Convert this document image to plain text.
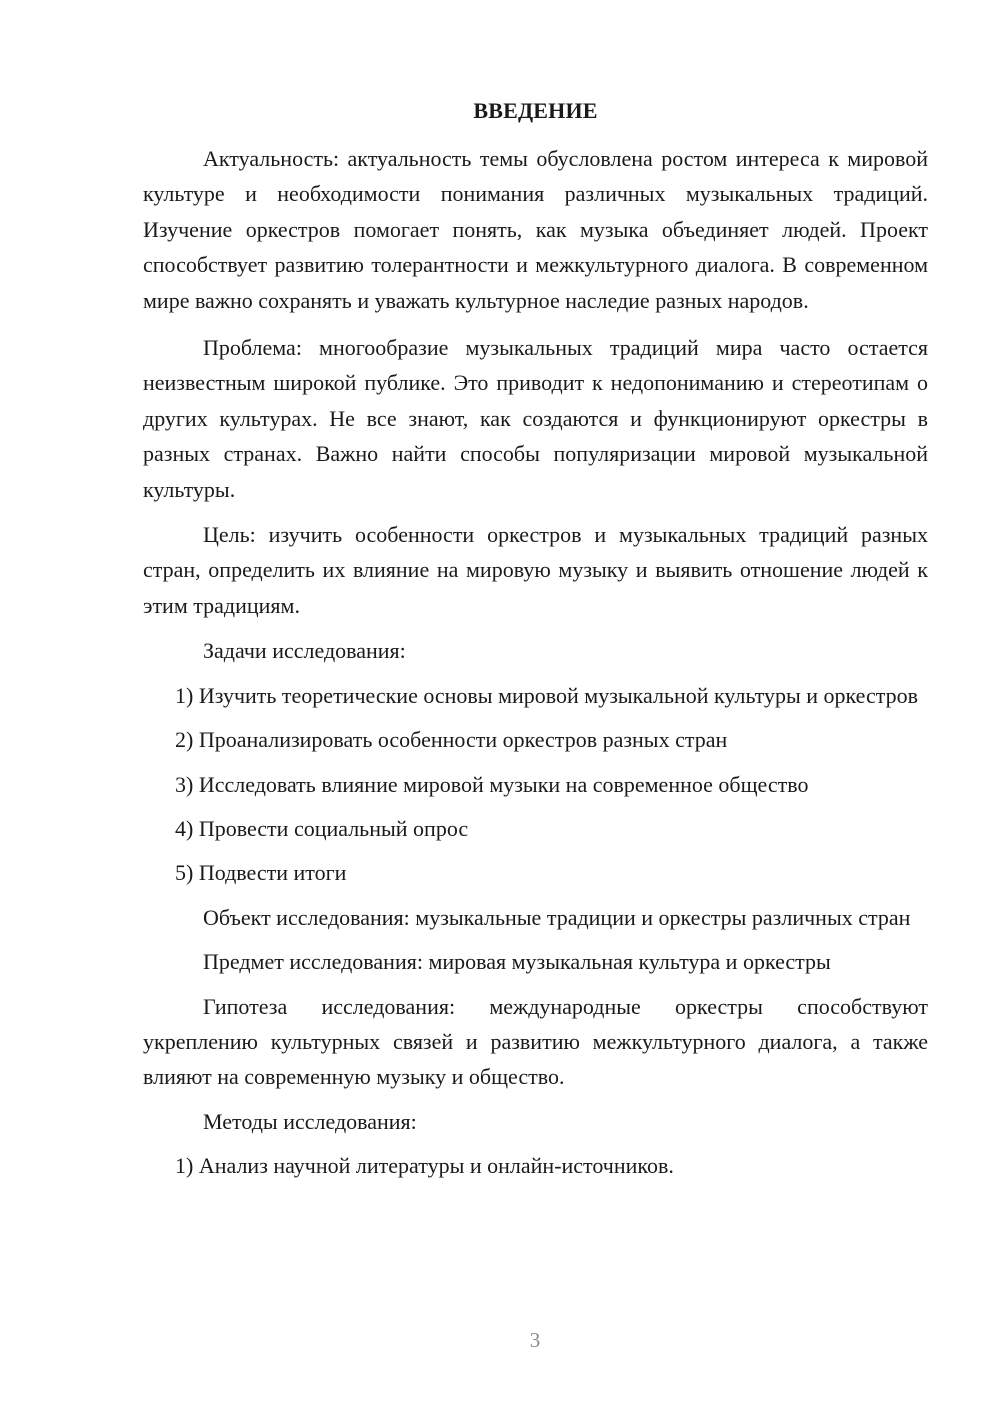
ВВЕДЕНИЕ

Актуальность: актуальность темы обусловлена ростом интереса к мировой культуре и необходимости понимания различных музыкальных традиций. Изучение оркестров помогает понять, как музыка объединяет людей. Проект способствует развитию толерантности и межкультурного диалога. В современном мире важно сохранять и уважать культурное наследие разных народов.

Проблема: многообразие музыкальных традиций мира часто остается неизвестным широкой публике. Это приводит к недопониманию и стереотипам о других культурах. Не все знают, как создаются и функционируют оркестры в разных странах. Важно найти способы популяризации мировой музыкальной культуры.

Цель: изучить особенности оркестров и музыкальных традиций разных стран, определить их влияние на мировую музыку и выявить отношение людей к этим традициям.

Задачи исследования:

1) Изучить теоретические основы мировой музыкальной культуры и оркестров

2) Проанализировать особенности оркестров разных стран

3) Исследовать влияние мировой музыки на современное общество

4) Провести социальный опрос

5) Подвести итоги

Объект исследования: музыкальные традиции и оркестры различных стран

Предмет исследования: мировая музыкальная культура и оркестры

Гипотеза исследования: международные оркестры способствуют укреплению культурных связей и развитию межкультурного диалога, а также влияют на современную музыку и общество.

Методы исследования:

1) Анализ научной литературы и онлайн-источников.

3
